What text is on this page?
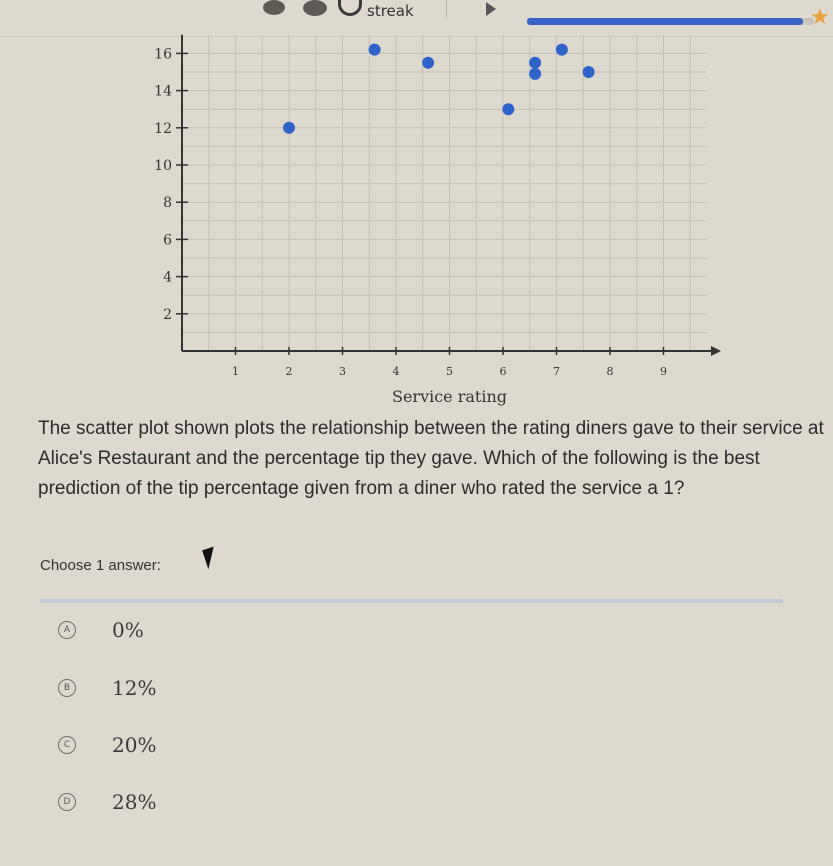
streak	★
1	2	3	4	5	6	7	8	9
2
4
6
8
10
12
14
16
Service rating
The scatter plot shown plots the relationship between the rating diners gave to their service at Alice's Restaurant and the percentage tip they gave. Which of the following is the best prediction of the tip percentage given from a diner who rated the service a 1?
Choose 1 answer:
A 0%
B 12%
C 20%
D 28%
